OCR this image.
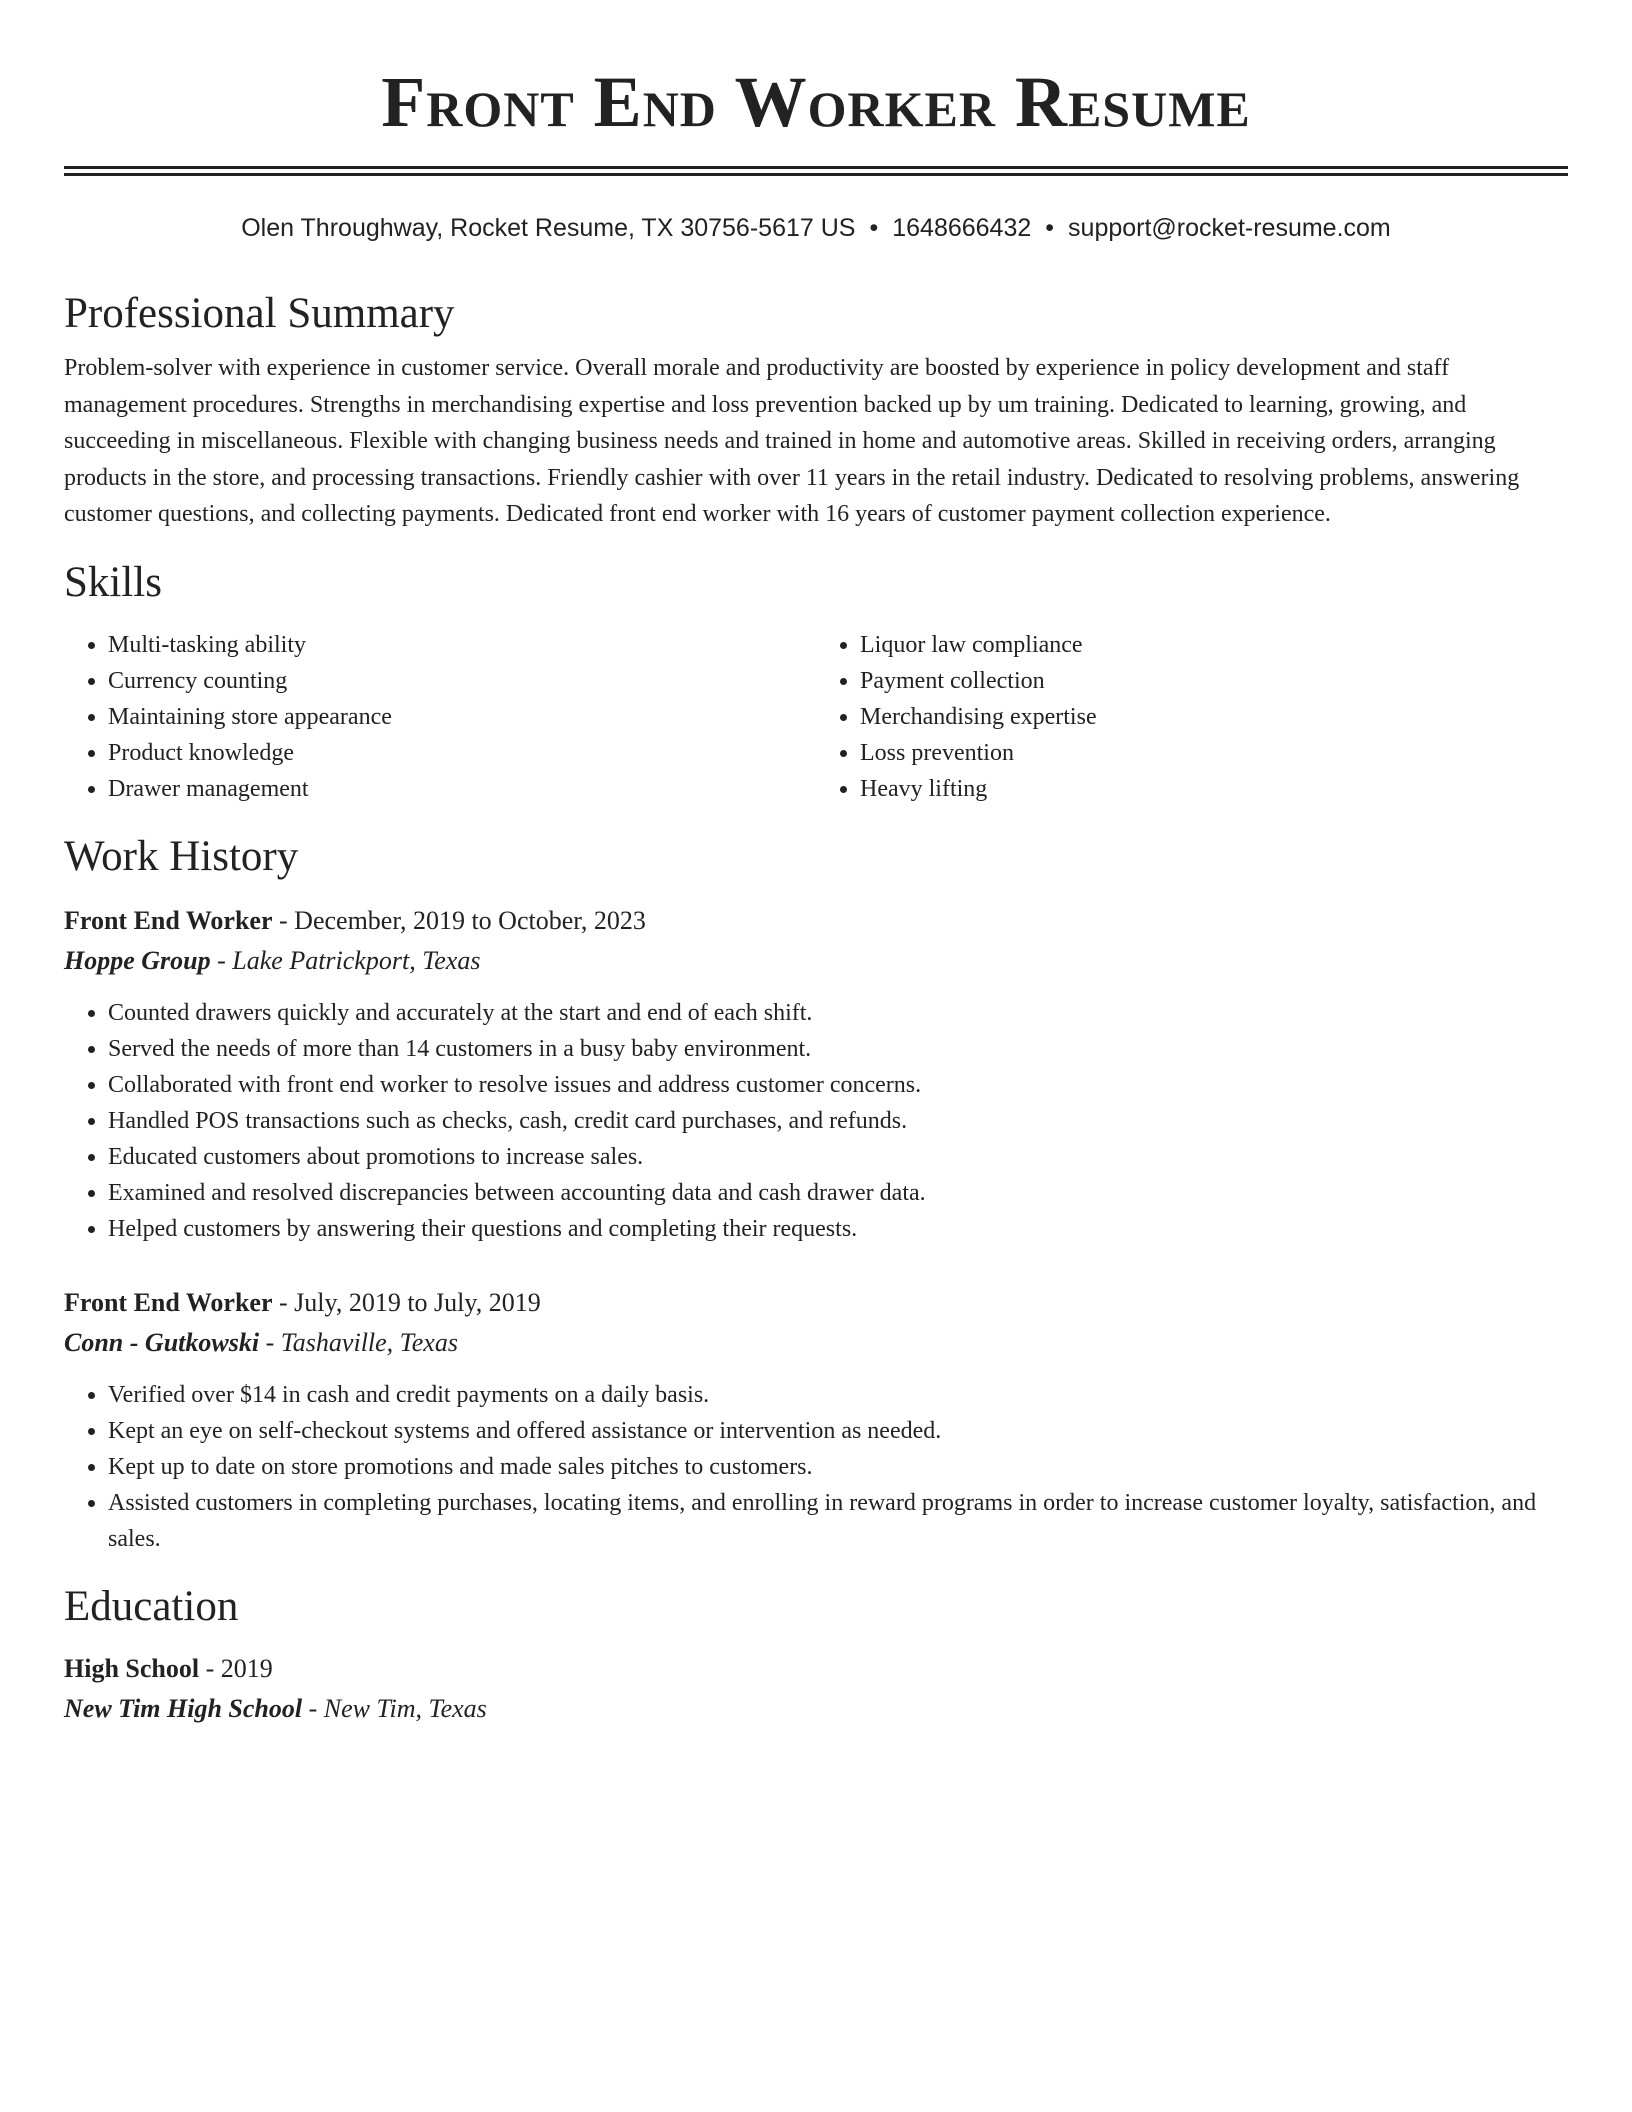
Front End Worker Resume
Olen Throughway, Rocket Resume, TX 30756-5617 US • 1648666432 • support@rocket-resume.com
Professional Summary

Problem-solver with experience in customer service. Overall morale and productivity are boosted by experience in policy development and staff management procedures. Strengths in merchandising expertise and loss prevention backed up by um training. Dedicated to learning, growing, and succeeding in miscellaneous. Flexible with changing business needs and trained in home and automotive areas. Skilled in receiving orders, arranging products in the store, and processing transactions. Friendly cashier with over 11 years in the retail industry. Dedicated to resolving problems, answering customer questions, and collecting payments. Dedicated front end worker with 16 years of customer payment collection experience.

Skills
• Multi-tasking ability
• Currency counting
• Maintaining store appearance
• Product knowledge
• Drawer management
• Liquor law compliance
• Payment collection
• Merchandising expertise
• Loss prevention
• Heavy lifting
Work History
Front End Worker - December, 2019 to October, 2023
Hoppe Group - Lake Patrickport, Texas
• Counted drawers quickly and accurately at the start and end of each shift.
• Served the needs of more than 14 customers in a busy baby environment.
• Collaborated with front end worker to resolve issues and address customer concerns.
• Handled POS transactions such as checks, cash, credit card purchases, and refunds.
• Educated customers about promotions to increase sales.
• Examined and resolved discrepancies between accounting data and cash drawer data.
• Helped customers by answering their questions and completing their requests.
Front End Worker - July, 2019 to July, 2019
Conn - Gutkowski - Tashaville, Texas
• Verified over $14 in cash and credit payments on a daily basis.
• Kept an eye on self-checkout systems and offered assistance or intervention as needed.
• Kept up to date on store promotions and made sales pitches to customers.
• Assisted customers in completing purchases, locating items, and enrolling in reward programs in order to increase customer loyalty, satisfaction, and sales.
Education
High School - 2019
New Tim High School - New Tim, Texas
